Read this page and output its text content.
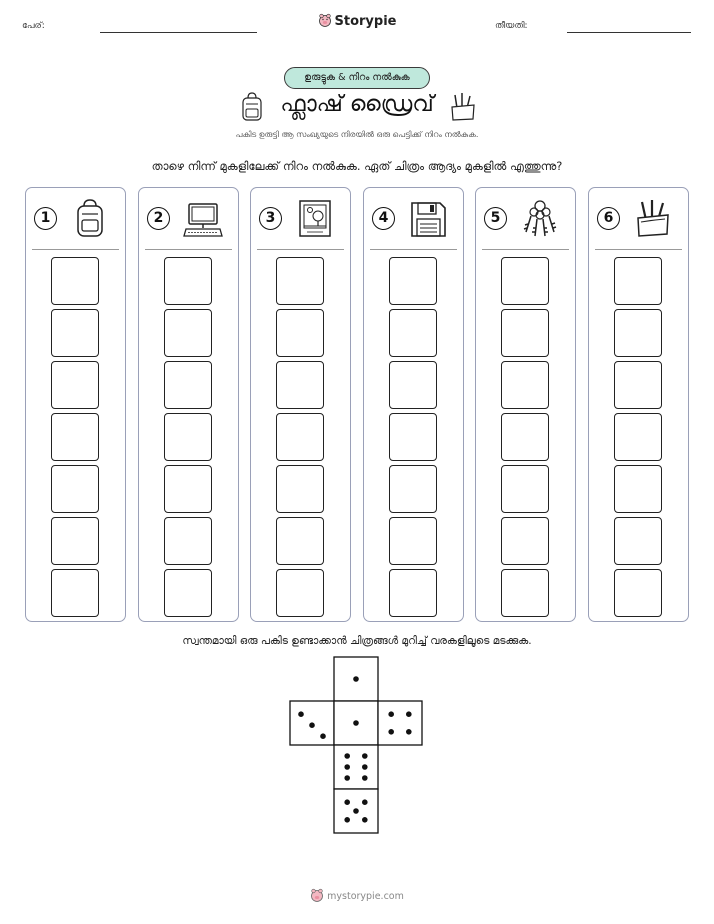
പേര്:	തീയതി:
Storypie
ഉരുട്ടുക & നിറം നൽകുക
ഫ്ലാഷ് ഡ്രൈവ്
പകിട ഉരുട്ടി ആ സംഖ്യയുടെ നിരയിൽ ഒരു പെട്ടിക്ക് നിറം നൽകുക.
താഴെ നിന്ന് മുകളിലേക്ക് നിറം നൽകുക. ഏത് ചിത്രം ആദ്യം മുകളിൽ എത്തുന്നു?
1	2	3	4	5	6
സ്വന്തമായി ഒരു പകിട ഉണ്ടാക്കാൻ ചിത്രങ്ങൾ മുറിച്ച് വരകളിലൂടെ മടക്കുക.
mystorypie.com
